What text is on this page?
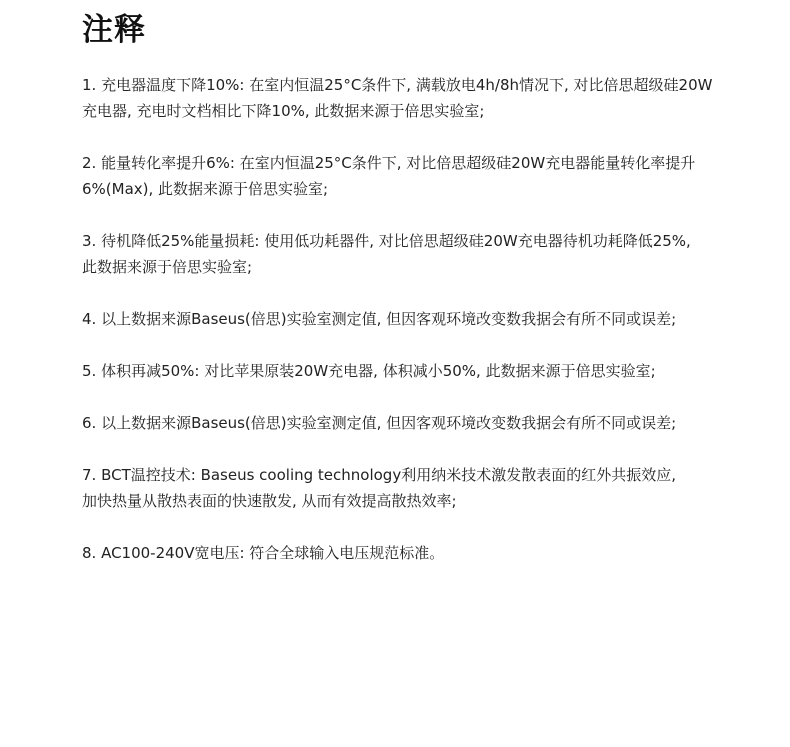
注释

1. 充电器温度下降10%: 在室内恒温25°C条件下, 满载放电4h/8h情况下, 对比倍思超级硅20W
充电器, 充电时文档相比下降10%, 此数据来源于倍思实验室;

2. 能量转化率提升6%: 在室内恒温25°C条件下, 对比倍思超级硅20W充电器能量转化率提升
6%(Max), 此数据来源于倍思实验室;

3. 待机降低25%能量损耗: 使用低功耗器件, 对比倍思超级硅20W充电器待机功耗降低25%,
此数据来源于倍思实验室;

4. 以上数据来源Baseus(倍思)实验室测定值, 但因客观环境改变数我据会有所不同或误差;

5. 体积再减50%: 对比苹果原装20W充电器, 体积减小50%, 此数据来源于倍思实验室;

6. 以上数据来源Baseus(倍思)实验室测定值, 但因客观环境改变数我据会有所不同或误差;

7. BCT温控技术: Baseus cooling technology利用纳米技术激发散表面的红外共振效应,
加快热量从散热表面的快速散发, 从而有效提高散热效率;

8. AC100-240V宽电压: 符合全球输入电压规范标准。
